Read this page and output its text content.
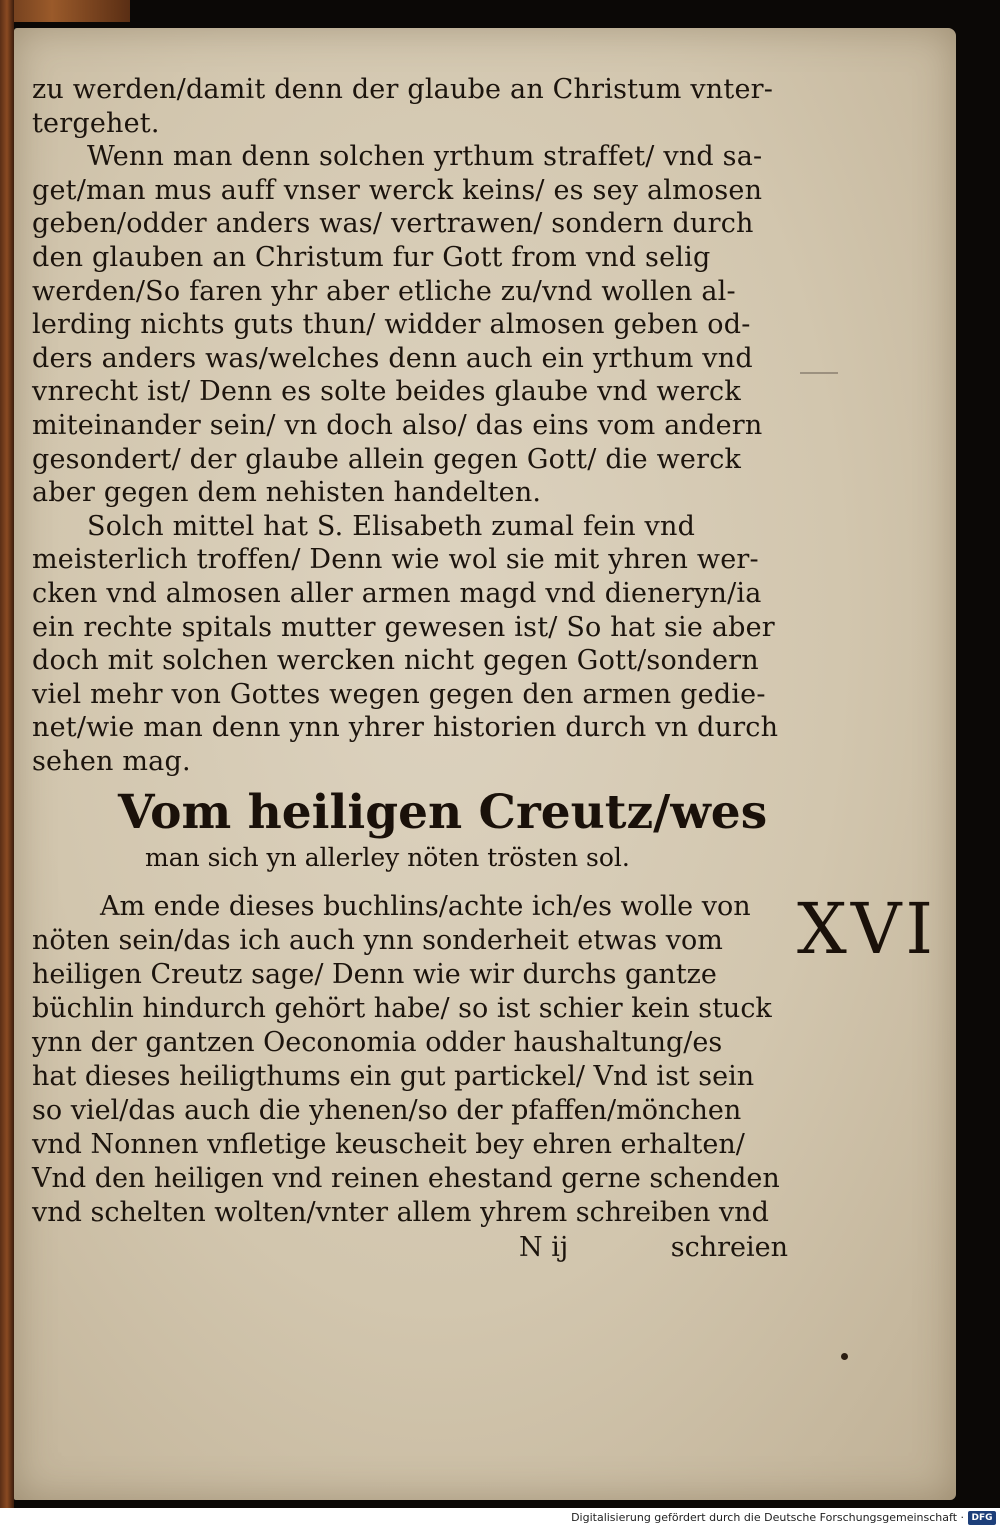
zu werden/damit denn der glaube an Christum vnter-
tergehet.
Wenn man denn solchen yrthum straffet/ vnd sa-
get/man mus auff vnser werck keins/ es sey almosen
geben/odder anders was/ vertrawen/ sondern durch
den glauben an Christum fur Gott from vnd selig
werden/So faren yhr aber etliche zu/vnd wollen al-
lerding nichts guts thun/ widder almosen geben od-
ders anders was/welches denn auch ein yrthum vnd
vnrecht ist/ Denn es solte beides glaube vnd werck
miteinander sein/ vn doch also/ das eins vom andern
gesondert/ der glaube allein gegen Gott/ die werck
aber gegen dem nehisten handelten.
Solch mittel hat S. Elisabeth zumal fein vnd
meisterlich troffen/ Denn wie wol sie mit yhren wer-
cken vnd almosen aller armen magd vnd dieneryn/ia
ein rechte spitals mutter gewesen ist/ So hat sie aber
doch mit solchen wercken nicht gegen Gott/sondern
viel mehr von Gottes wegen gegen den armen gedie-
net/wie man denn ynn yhrer historien durch vn durch
sehen mag.
Vom heiligen Creutz/wes
man sich yn allerley nöten trösten sol.
XVI
Am ende dieses buchlins/achte ich/es wolle von
nöten sein/das ich auch ynn sonderheit etwas vom
heiligen Creutz sage/ Denn wie wir durchs gantze
büchlin hindurch gehört habe/ so ist schier kein stuck
ynn der gantzen Oeconomia odder haushaltung/es
hat dieses heiligthums ein gut partickel/ Vnd ist sein
so viel/das auch die yhenen/so der pfaffen/mönchen
vnd Nonnen vnfletige keuscheit bey ehren erhalten/
Vnd den heiligen vnd reinen ehestand gerne schenden
vnd schelten wolten/vnter allem yhrem schreiben vnd
N ij	schreien
Digitalisierung gefördert durch die Deutsche Forschungsgemeinschaft · DFG
